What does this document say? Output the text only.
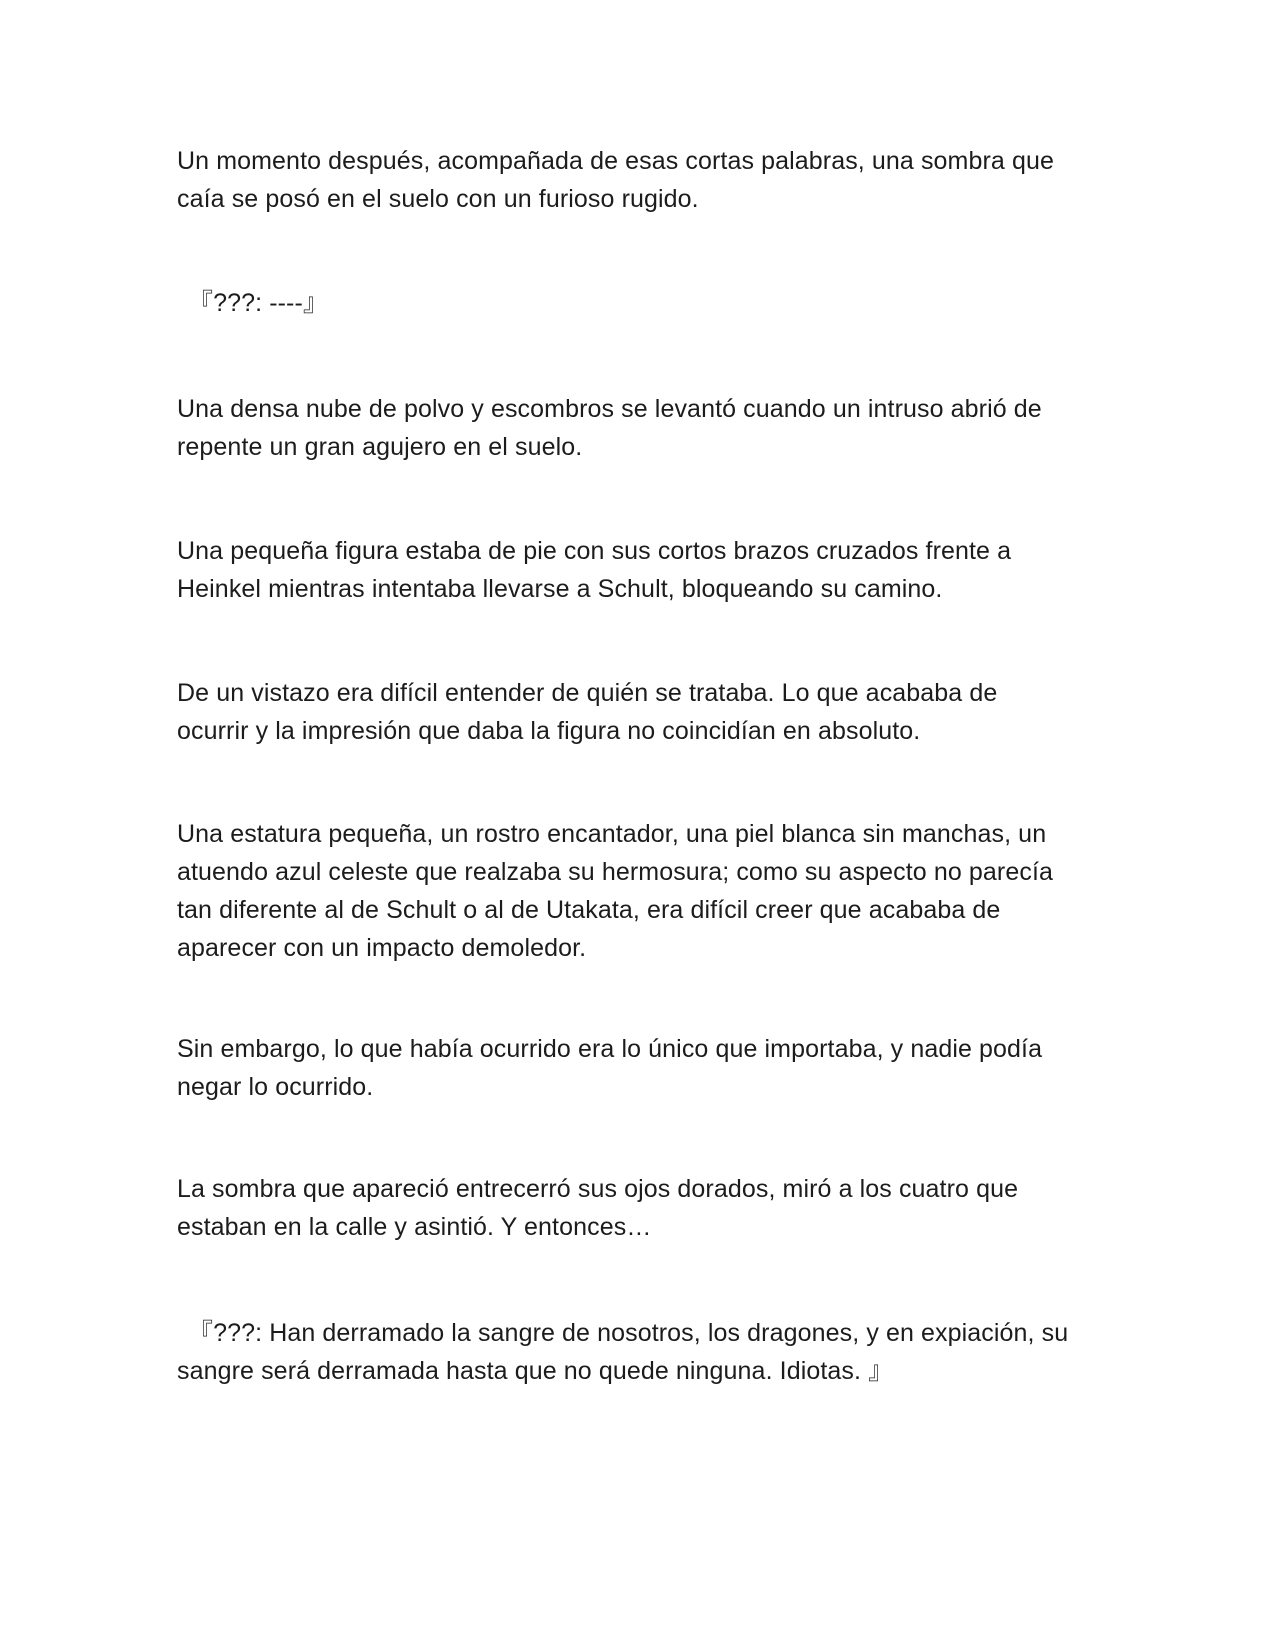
Un momento después, acompañada de esas cortas palabras, una sombra que
caía se posó en el suelo con un furioso rugido.

『???: ----』

Una densa nube de polvo y escombros se levantó cuando un intruso abrió de
repente un gran agujero en el suelo.

Una pequeña figura estaba de pie con sus cortos brazos cruzados frente a
Heinkel mientras intentaba llevarse a Schult, bloqueando su camino.

De un vistazo era difícil entender de quién se trataba. Lo que acababa de
ocurrir y la impresión que daba la figura no coincidían en absoluto.

Una estatura pequeña, un rostro encantador, una piel blanca sin manchas, un
atuendo azul celeste que realzaba su hermosura; como su aspecto no parecía
tan diferente al de Schult o al de Utakata, era difícil creer que acababa de
aparecer con un impacto demoledor.

Sin embargo, lo que había ocurrido era lo único que importaba, y nadie podía
negar lo ocurrido.

La sombra que apareció entrecerró sus ojos dorados, miró a los cuatro que
estaban en la calle y asintió. Y entonces…

『???: Han derramado la sangre de nosotros, los dragones, y en expiación, su
sangre será derramada hasta que no quede ninguna. Idiotas. 』
